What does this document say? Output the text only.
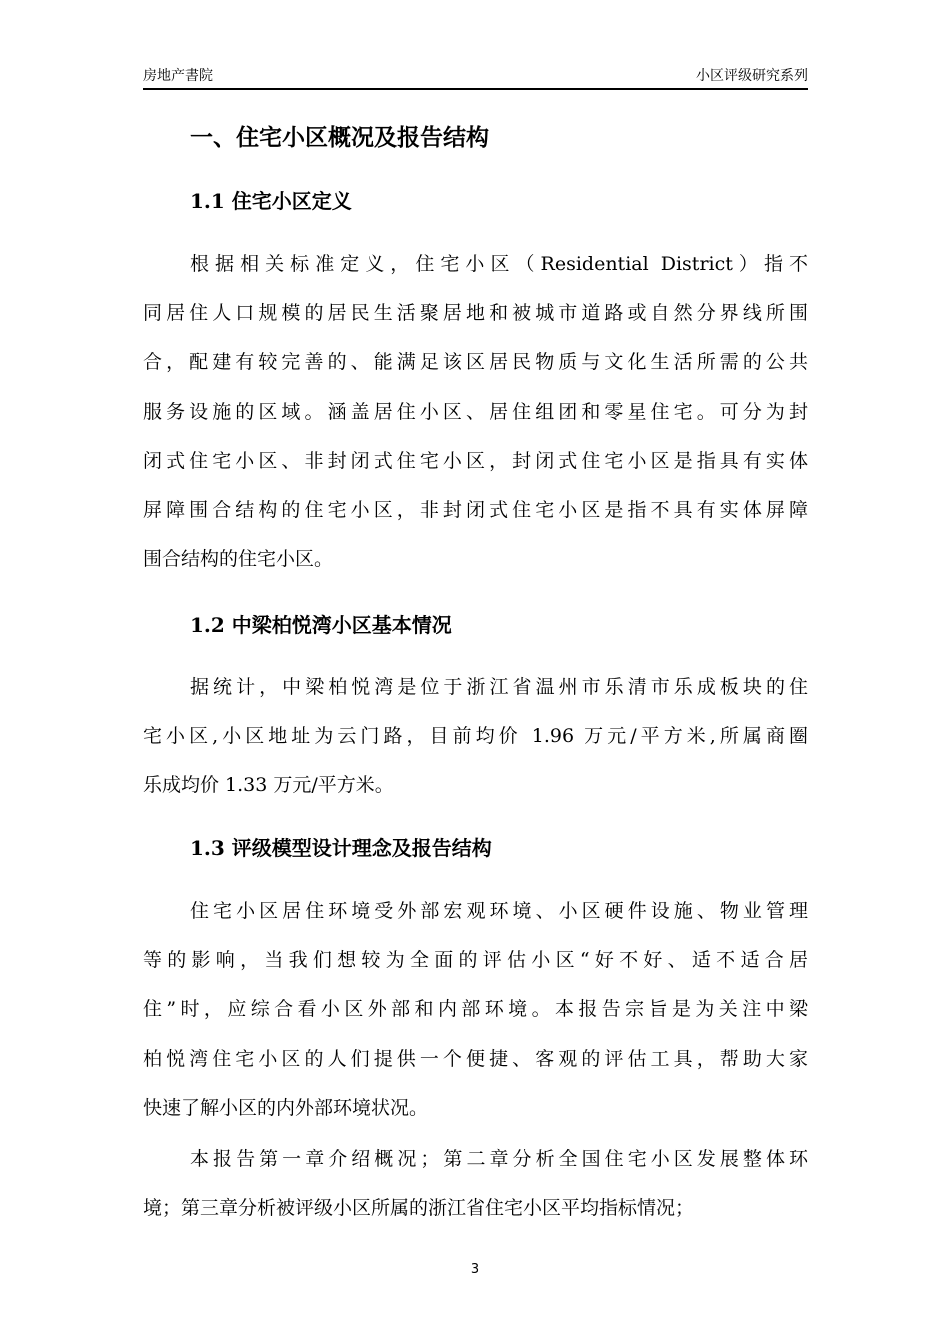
房地产書院	小区评级研究系列
一、住宅小区概况及报告结构
1.1 住宅小区定义
根据相关标准定义，住宅小区（Residential District）指不
同居住人口规模的居民生活聚居地和被城市道路或自然分界线所围
合，配建有较完善的、能满足该区居民物质与文化生活所需的公共
服务设施的区域。涵盖居住小区、居住组团和零星住宅。可分为封
闭式住宅小区、非封闭式住宅小区，封闭式住宅小区是指具有实体
屏障围合结构的住宅小区，非封闭式住宅小区是指不具有实体屏障
围合结构的住宅小区。
1.2 中梁柏悦湾小区基本情况
据统计，中梁柏悦湾是位于浙江省温州市乐清市乐成板块的住
宅小区,小区地址为云门路，目前均价 1.96 万元/平方米,所属商圈
乐成均价 1.33 万元/平方米。
1.3 评级模型设计理念及报告结构
住宅小区居住环境受外部宏观环境、小区硬件设施、物业管理
等的影响，当我们想较为全面的评估小区“好不好、适不适合居
住”时，应综合看小区外部和内部环境。本报告宗旨是为关注中梁
柏悦湾住宅小区的人们提供一个便捷、客观的评估工具，帮助大家
快速了解小区的内外部环境状况。
本报告第一章介绍概况；第二章分析全国住宅小区发展整体环
境；第三章分析被评级小区所属的浙江省住宅小区平均指标情况；
3
